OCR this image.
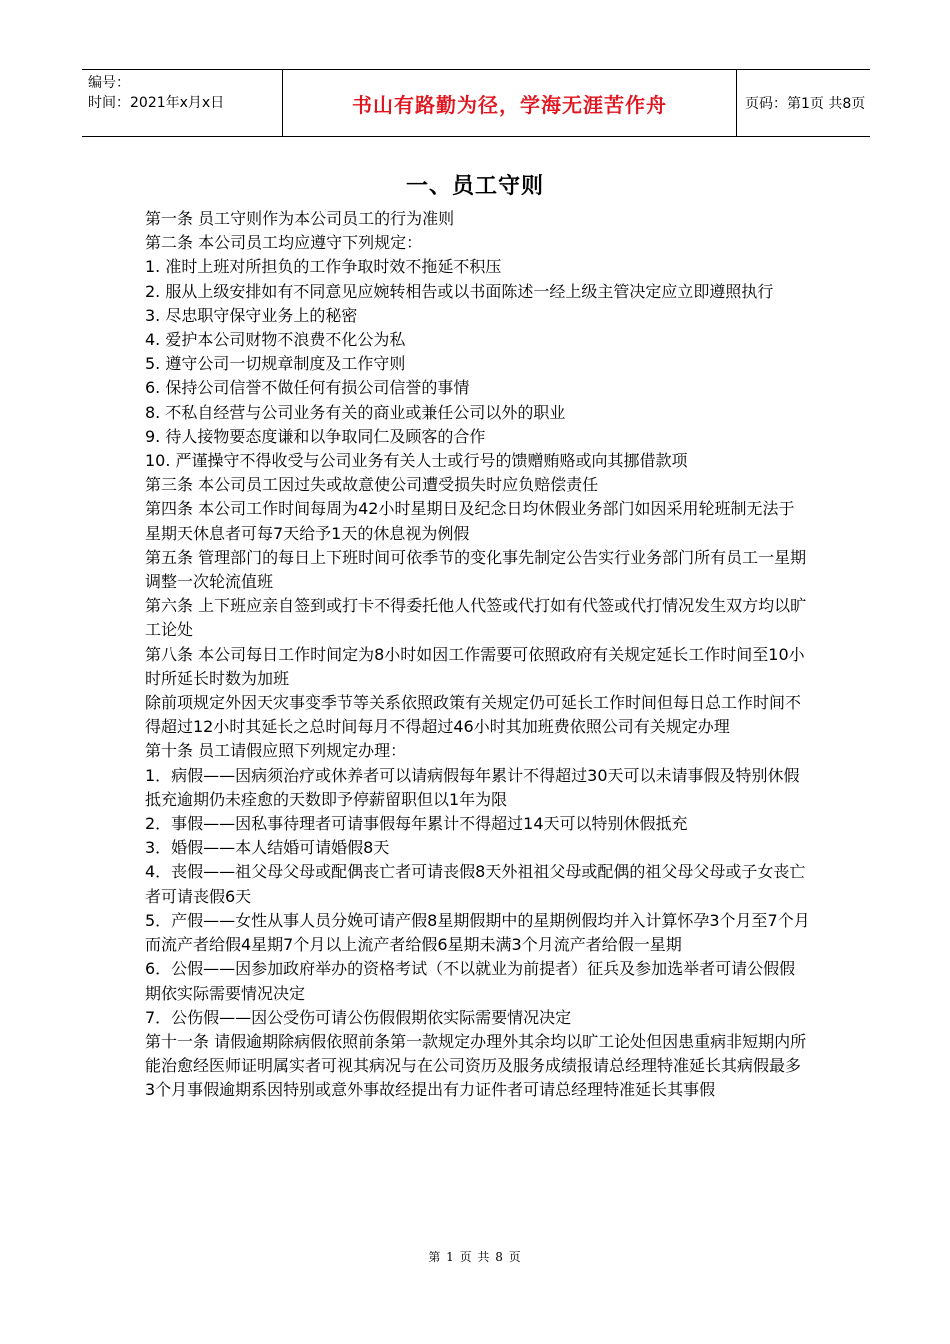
编号：
时间：2021年x月x日	书山有路勤为径，学海无涯苦作舟	页码：第1页 共8页
一、员工守则

第一条 员工守则作为本公司员工的行为准则

第二条 本公司员工均应遵守下列规定：

1. 准时上班对所担负的工作争取时效不拖延不积压

2. 服从上级安排如有不同意见应婉转相告或以书面陈述一经上级主管决定应立即遵照执行

3. 尽忠职守保守业务上的秘密

4. 爱护本公司财物不浪费不化公为私

5. 遵守公司一切规章制度及工作守则

6. 保持公司信誉不做任何有损公司信誉的事情

8. 不私自经营与公司业务有关的商业或兼任公司以外的职业

9. 待人接物要态度谦和以争取同仁及顾客的合作

10. 严谨操守不得收受与公司业务有关人士或行号的馈赠贿赂或向其挪借款项

第三条 本公司员工因过失或故意使公司遭受损失时应负赔偿责任

第四条 本公司工作时间每周为42小时星期日及纪念日均休假业务部门如因采用轮班制无法于星期天休息者可每7天给予1天的休息视为例假

第五条 管理部门的每日上下班时间可依季节的变化事先制定公告实行业务部门所有员工一星期调整一次轮流值班

第六条 上下班应亲自签到或打卡不得委托他人代签或代打如有代签或代打情况发生双方均以旷工论处

第八条 本公司每日工作时间定为8小时如因工作需要可依照政府有关规定延长工作时间至10小时所延长时数为加班

除前项规定外因天灾事变季节等关系依照政策有关规定仍可延长工作时间但每日总工作时间不得超过12小时其延长之总时间每月不得超过46小时其加班费依照公司有关规定办理

第十条 员工请假应照下列规定办理：

1．病假——因病须治疗或休养者可以请病假每年累计不得超过30天可以未请事假及特别休假抵充逾期仍未痊愈的天数即予停薪留职但以1年为限

2．事假——因私事待理者可请事假每年累计不得超过14天可以特别休假抵充

3．婚假——本人结婚可请婚假8天

4．丧假——祖父母父母或配偶丧亡者可请丧假8天外祖祖父母或配偶的祖父母父母或子女丧亡者可请丧假6天

5．产假——女性从事人员分娩可请产假8星期假期中的星期例假均并入计算怀孕3个月至7个月而流产者给假4星期7个月以上流产者给假6星期未满3个月流产者给假一星期

6．公假——因参加政府举办的资格考试（不以就业为前提者）征兵及参加选举者可请公假假期依实际需要情况决定

7．公伤假——因公受伤可请公伤假假期依实际需要情况决定

第十一条 请假逾期除病假依照前条第一款规定办理外其余均以旷工论处但因患重病非短期内所能治愈经医师证明属实者可视其病况与在公司资历及服务成绩报请总经理特准延长其病假最多3个月事假逾期系因特别或意外事故经提出有力证件者可请总经理特准延长其事假

第 1 页 共 8 页
